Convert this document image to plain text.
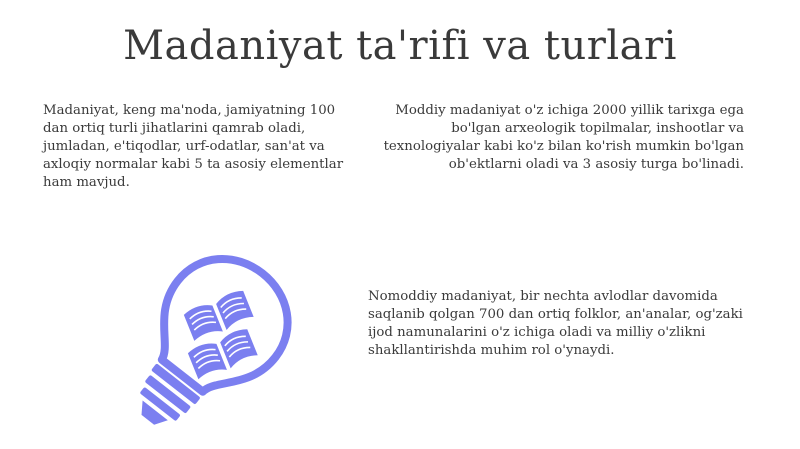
Madaniyat ta'rifi va turlari

Madaniyat, keng ma'noda, jamiyatning 100 dan ortiq turli jihatlarini qamrab oladi, jumladan, e'tiqodlar, urf-odatlar, san'at va axloqiy normalar kabi 5 ta asosiy elementlar ham mavjud.

Moddiy madaniyat o'z ichiga 2000 yillik tarixga ega bo'lgan arxeologik topilmalar, inshootlar va texnologiyalar kabi ko'z bilan ko'rish mumkin bo'lgan ob'ektlarni oladi va 3 asosiy turga bo'linadi.

Nomoddiy madaniyat, bir nechta avlodlar davomida saqlanib qolgan 700 dan ortiq folklor, an'analar, og'zaki ijod namunalarini o'z ichiga oladi va milliy o'zlikni shakllantirishda muhim rol o'ynaydi.
